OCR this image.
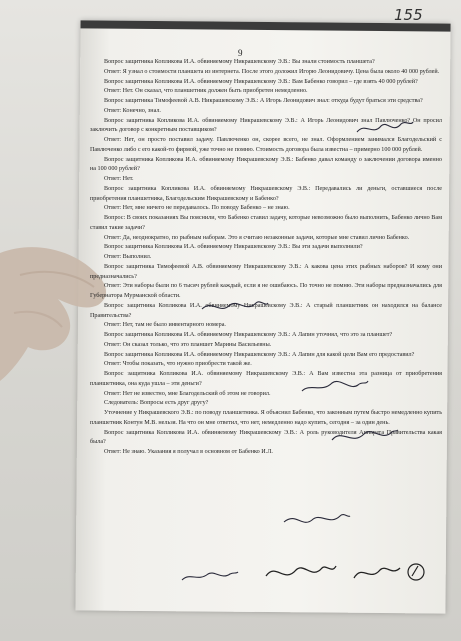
155
9

Вопрос защитника Копликова И.А. обвиняемому Никрашевскому Э.В.: Вы знали стоимость планшета?

Ответ: Я узнал о стоимости планшета из интернета. После этого доложил Игорю Леонидовичу. Цена была около 40 000 рублей.

Вопрос защитника Копликова И.А. обвиняемому Никрашевскому Э.В.: Вам Бабенко говорил – где взять 40 000 рублей?

Ответ: Нет. Он сказал, что планшетник должен быть приобретен немедленно.

Вопрос защитника Тимофеевой А.В. Никрашевскому Э.В.: А Игорь Леонидович знал: откуда будут браться эти средства?

Ответ: Конечно, знал.

Вопрос защитника Копликова И.А. обвиняемому Никрашевскому Э.В.: А Игорь Леонидович знал Павлюченко? Он просил заключить договор с конкретным поставщиком?

Ответ: Нет, он просто поставил задачу. Павлюченко он, скорее всего, не знал. Оформлением занимался Благодельский с Павлюченко либо с его какой-то фирмой, уже точно не помню. Стоимость договора была известна – примерно 100 000 рублей.

Вопрос защитника Копликова И.А. обвиняемому Никрашевскому Э.В.: Бабенко давал команду о заключении договора именно на 100 000 рублей?

Ответ: Нет.

Вопрос защитника Копликова И.А. обвиняемому Никрашевскому Э.В.: Передавались ли деньги, оставшиеся после приобретения планшетника, Благодельским Никрашевскому и Бабенко?

Ответ: Нет, мне ничего не передавалось. По поводу Бабенко – не знаю.

Вопрос: В своих показаниях Вы пояснили, что Бабенко ставил задачу, которые невозможно было выполнить, Бабенко лично Вам ставил такие задачи?

Ответ: Да, неоднократно, по рыбным наборам. Это я считаю незаконные задачи, которые мне ставил лично Бабенко.

Вопрос защитника Копликова И.А. обвиняемому Никрашевскому Э.В.: Вы эти задачи выполнили?

Ответ: Выполнил.

Вопрос защитника Тимофеевой А.В. обвиняемому Никрашевскому Э.В.: А какова цена этих рыбных наборов? И кому они предназначались?

Ответ: Эти наборы были по 6 тысяч рублей каждый, если я не ошибаюсь. По точно не помню. Эти наборы предназначались для Губернатора Мурманской области.

Вопрос защитника Копликова И.А. обвиняемому Никрашевскому Э.В.: А старый планшетник он находился на балансе Правительства?

Ответ: Нет, там не было инвентарного номера.

Вопрос защитника Копликова И.А. обвиняемому Никрашевскому Э.В.: А Лапин уточнял, что это за планшет?

Ответ: Он сказал только, что это планшет Марины Васильевны.

Вопрос защитника Копликова И.А. обвиняемому Никрашевскому Э.В.: А Лапин для какой цели Вам его предоставил?

Ответ: Чтобы показать, что нужно приобрести такой же.

Вопрос защитника Копликова И.А. обвиняемому Никрашевскому Э.В.: А Вам известна эта разница от приобретения планшетника, она куда ушла – эти деньги?

Ответ: Нет не известно, мне Благодельский об этом не говорил.

Следователь: Вопросы есть друг другу?

Уточнение у Никрашевского Э.В.: по поводу планшетника. Я объяснил Бабенко, что законным путем быстро немедленно купить планшетник Контун М.В. нельзя. На что он мне ответил, что нет, немедленно надо купить, сегодня – за один день.

Вопрос защитника Копликова И.А. обвиняемому Никрашевскому Э.В.: А роль руководителя Аппарата Правительства какая была?

Ответ: Не знаю. Указания я получал в основном от Бабенко И.Л.
